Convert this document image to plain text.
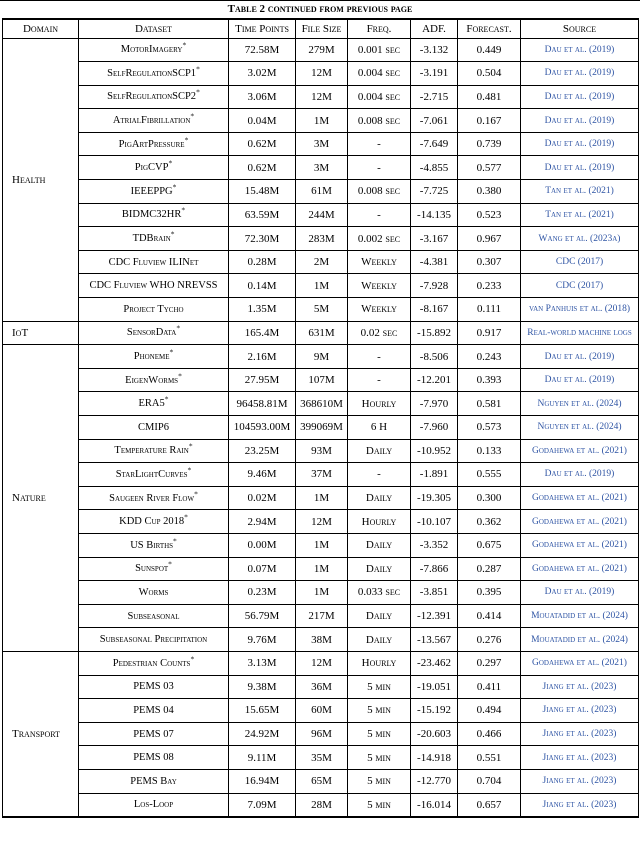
Table 2 continued from previous page
Domain	Dataset	Time Points	File Size	Freq.	ADF.	Forecast.	Source
Health	MotorImagery*	72.58M	279M	0.001 sec	-3.132	0.449	Dau et al. (2019)
	SelfRegulationSCP1*	3.02M	12M	0.004 sec	-3.191	0.504	Dau et al. (2019)
	SelfRegulationSCP2*	3.06M	12M	0.004 sec	-2.715	0.481	Dau et al. (2019)
	AtrialFibrillation*	0.04M	1M	0.008 sec	-7.061	0.167	Dau et al. (2019)
	PigArtPressure*	0.62M	3M	-	-7.649	0.739	Dau et al. (2019)
	PigCVP*	0.62M	3M	-	-4.855	0.577	Dau et al. (2019)
	IEEEPPG*	15.48M	61M	0.008 sec	-7.725	0.380	Tan et al. (2021)
	BIDMC32HR*	63.59M	244M	-	-14.135	0.523	Tan et al. (2021)
	TDBrain*	72.30M	283M	0.002 sec	-3.167	0.967	Wang et al. (2023a)
	CDC Fluview ILINet	0.28M	2M	Weekly	-4.381	0.307	CDC (2017)
	CDC Fluview WHO NREVSS	0.14M	1M	Weekly	-7.928	0.233	CDC (2017)
	Project Tycho	1.35M	5M	Weekly	-8.167	0.111	van Panhuis et al. (2018)
IoT	SensorData*	165.4M	631M	0.02 sec	-15.892	0.917	Real-world machine logs
Nature	Phoneme*	2.16M	9M	-	-8.506	0.243	Dau et al. (2019)
	EigenWorms*	27.95M	107M	-	-12.201	0.393	Dau et al. (2019)
	ERA5*	96458.81M	368610M	Hourly	-7.970	0.581	Nguyen et al. (2024)
	CMIP6	104593.00M	399069M	6 H	-7.960	0.573	Nguyen et al. (2024)
	Temperature Rain*	23.25M	93M	Daily	-10.952	0.133	Godahewa et al. (2021)
	StarLightCurves*	9.46M	37M	-	-1.891	0.555	Dau et al. (2019)
	Saugeen River Flow*	0.02M	1M	Daily	-19.305	0.300	Godahewa et al. (2021)
	KDD Cup 2018*	2.94M	12M	Hourly	-10.107	0.362	Godahewa et al. (2021)
	US Births*	0.00M	1M	Daily	-3.352	0.675	Godahewa et al. (2021)
	Sunspot*	0.07M	1M	Daily	-7.866	0.287	Godahewa et al. (2021)
	Worms	0.23M	1M	0.033 sec	-3.851	0.395	Dau et al. (2019)
	Subseasonal	56.79M	217M	Daily	-12.391	0.414	Mouatadid et al. (2024)
	Subseasonal Precipitation	9.76M	38M	Daily	-13.567	0.276	Mouatadid et al. (2024)
Transport	Pedestrian Counts*	3.13M	12M	Hourly	-23.462	0.297	Godahewa et al. (2021)
	PEMS 03	9.38M	36M	5 min	-19.051	0.411	Jiang et al. (2023)
	PEMS 04	15.65M	60M	5 min	-15.192	0.494	Jiang et al. (2023)
	PEMS 07	24.92M	96M	5 min	-20.603	0.466	Jiang et al. (2023)
	PEMS 08	9.11M	35M	5 min	-14.918	0.551	Jiang et al. (2023)
	PEMS Bay	16.94M	65M	5 min	-12.770	0.704	Jiang et al. (2023)
	Los-Loop	7.09M	28M	5 min	-16.014	0.657	Jiang et al. (2023)
